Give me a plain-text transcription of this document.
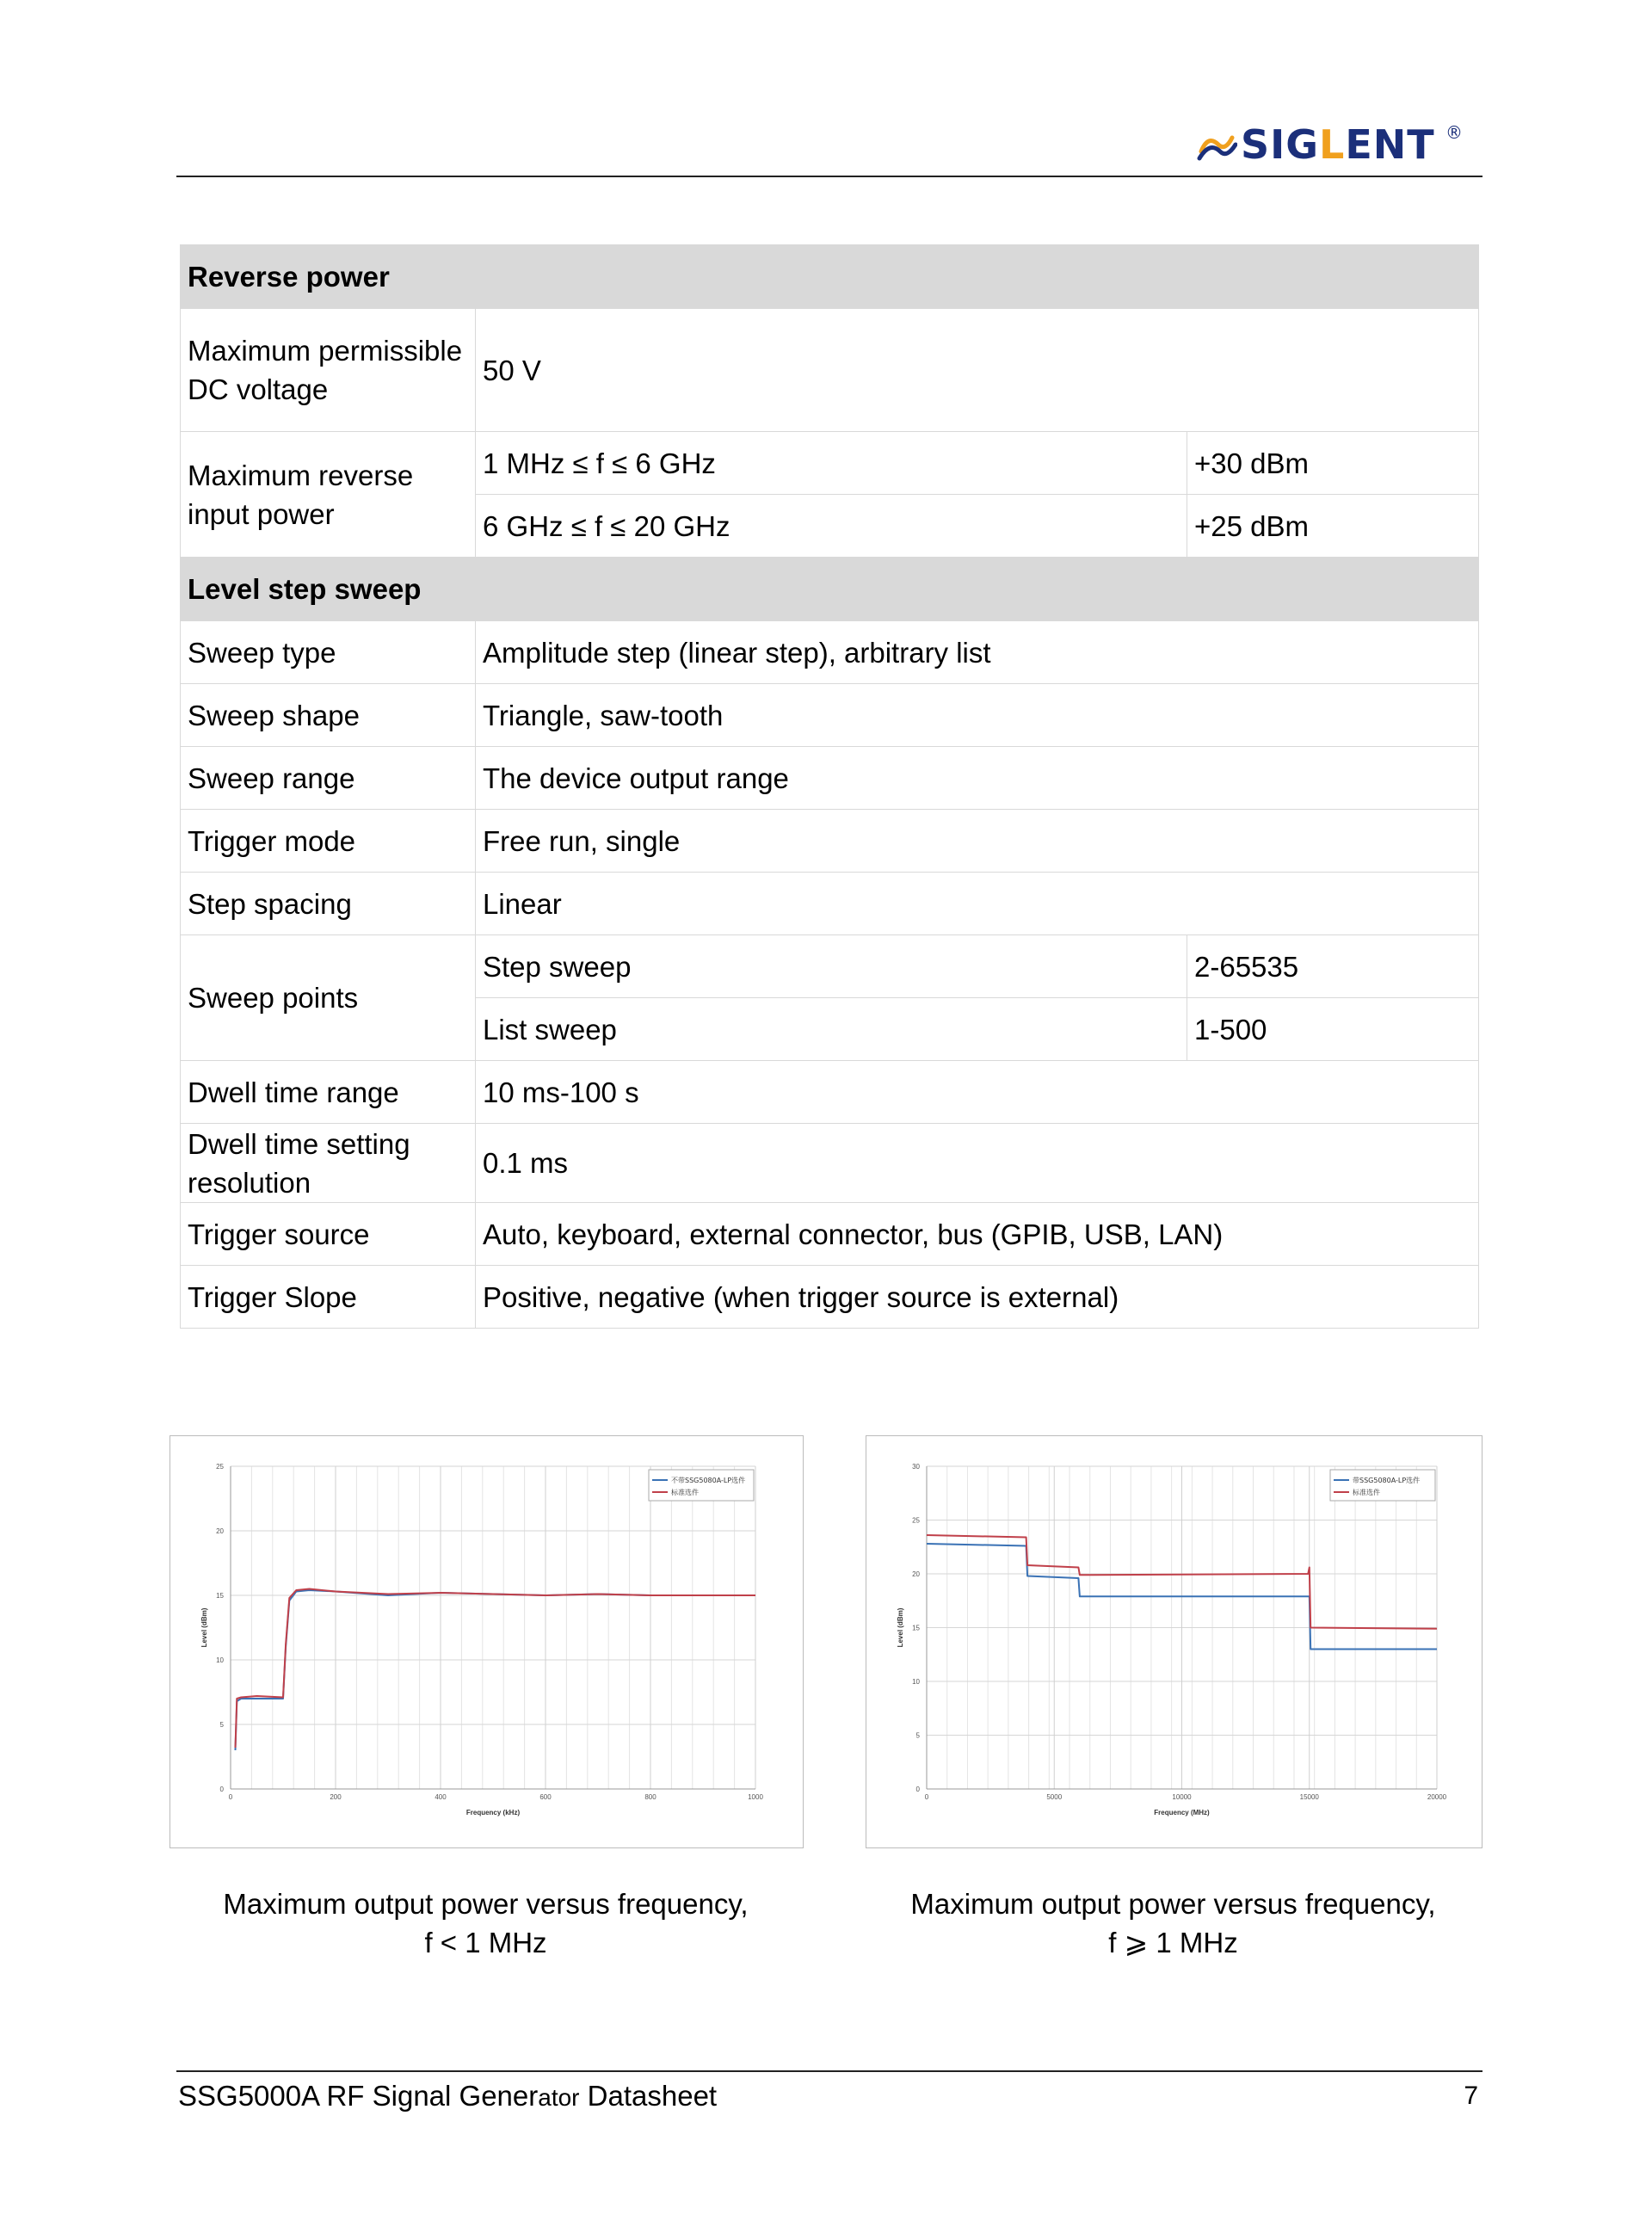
SIGLENT ®
Reverse power		
Maximum permissible DC voltage	50 V	
Maximum reverse input power	1 MHz ≤ f ≤ 6 GHz	+30 dBm
	6 GHz ≤ f ≤ 20 GHz	+25 dBm
Level step sweep		
Sweep type	Amplitude step (linear step), arbitrary list	
Sweep shape	Triangle, saw-tooth	
Sweep range	The device output range	
Trigger mode	Free run, single	
Step spacing	Linear	
Sweep points	Step sweep	2-65535
	List sweep	1-500
Dwell time range	10 ms-100 s	
Dwell time setting resolution	0.1 ms	
Trigger source	Auto, keyboard, external connector, bus (GPIB, USB, LAN)	
Trigger Slope	Positive, negative (when trigger source is external)	
0
5
10
15
20
25
0	200	400	600	800	1000
Frequency (kHz)
Level (dBm)
不带SSG5080A-LP选件
标准选件
Maximum output power versus frequency,
f < 1 MHz
0
5
10
15
20
25
30
0	5000	10000	15000	20000
Frequency (MHz)
Level (dBm)
带SSG5080A-LP选件
标准选件
Maximum output power versus frequency,
f ⩾ 1 MHz
SSG5000A RF Signal Generator Datasheet	7
